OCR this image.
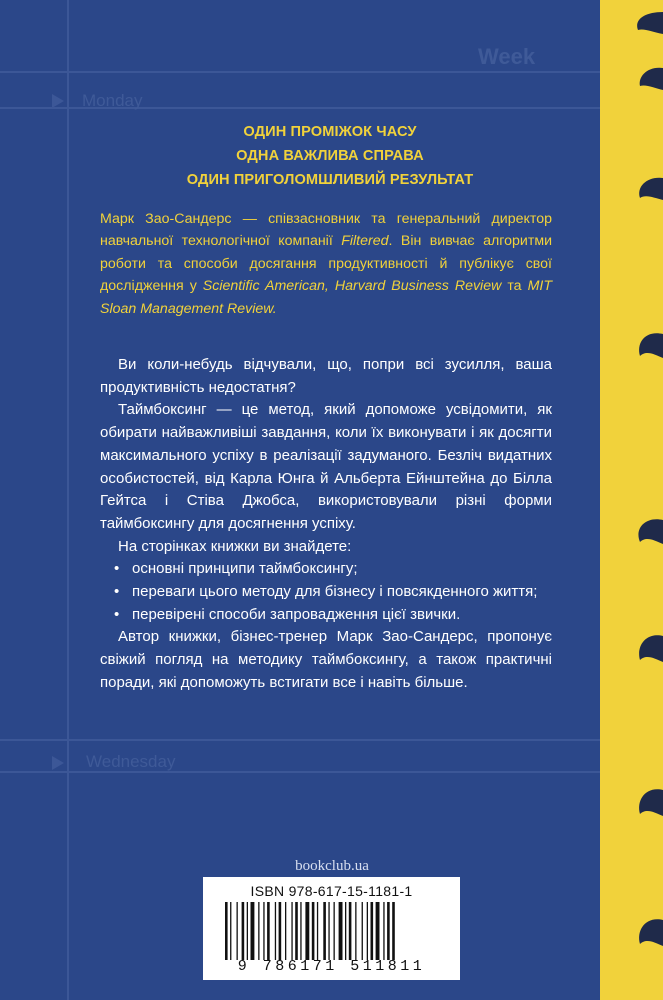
Week
Monday
Wednesday
ОДИН ПРОМІЖОК ЧАСУ
ОДНА ВАЖЛИВА СПРАВА
ОДИН ПРИГОЛОМШЛИВИЙ РЕЗУЛЬТАТ
Марк Зао-Сандерс — співзасновник та генеральний директор навчальної технологічної компанії Filtered. Він вивчає алгоритми роботи та способи досягання продуктивності й публікує свої дослідження у Scientific American, Harvard Business Review та MIT Sloan Management Review.

Ви коли-небудь відчували, що, попри всі зусилля, ваша продуктивність недостатня?

Таймбоксинг — це метод, який допоможе усвідомити, як обирати найважливіші завдання, коли їх виконувати і як досягти максимального успіху в реалізації задуманого. Безліч видатних особистостей, від Карла Юнга й Альберта Ейнштейна до Білла Гейтса і Стіва Джобса, використовували різні форми таймбоксингу для досягнення успіху.

На сторінках книжки ви знайдете:

• основні принципи таймбоксингу;
• переваги цього методу для бізнесу і повсякденного життя;
• перевірені способи запровадження цієї звички.

Автор книжки, бізнес-тренер Марк Зао-Сандерс, пропонує свіжий погляд на методику таймбоксингу, а також практичні поради, які допоможуть встигати все і навіть більше.

bookclub.ua
ISBN 978-617-15-1181-1
9 786171 511811
